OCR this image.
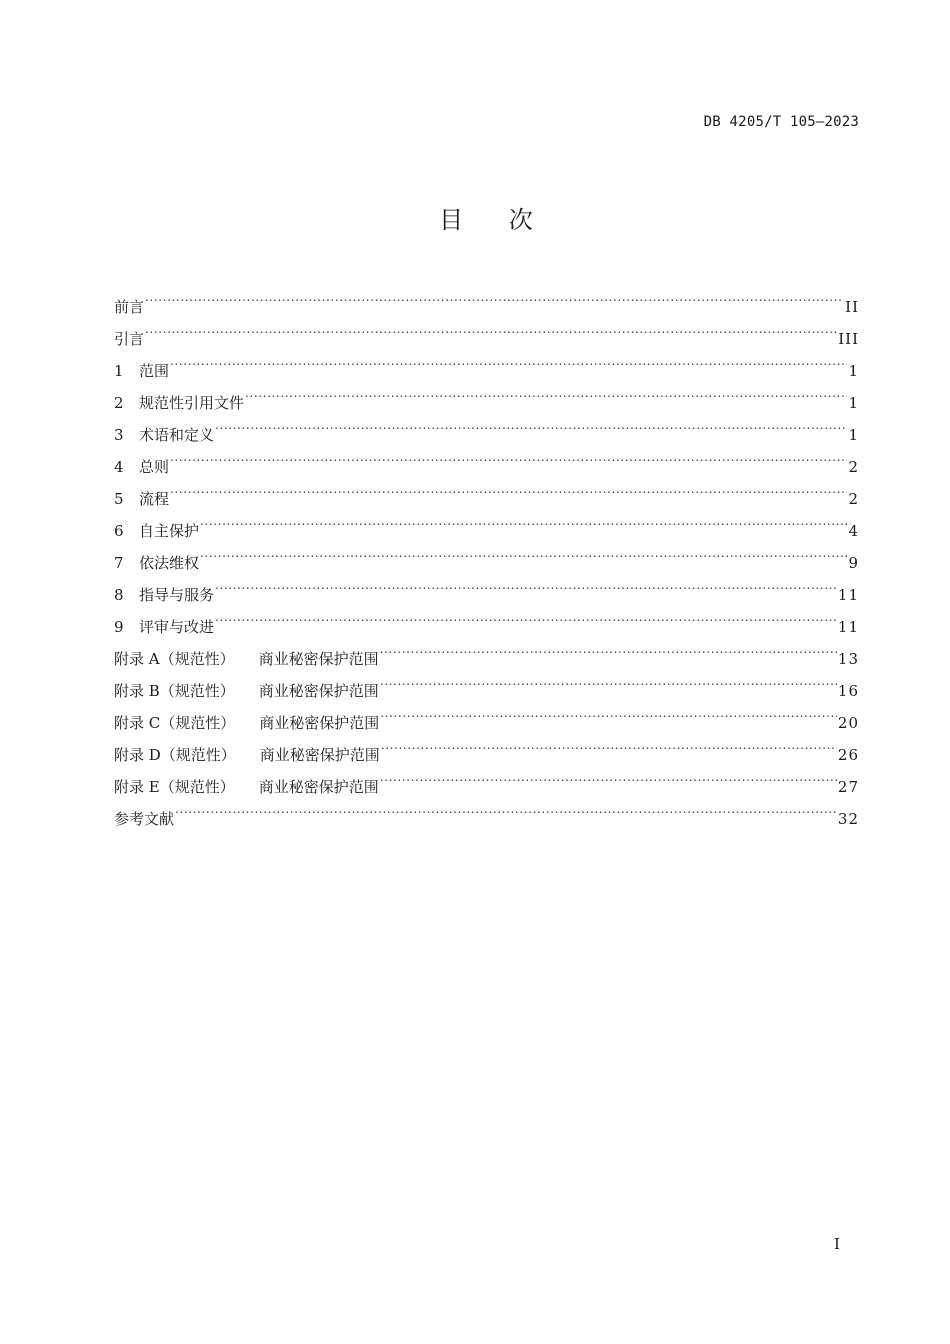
DB 4205/T 105—2023
目 次
前言 .....	II
引言 .....	III
1	范围 .....	1
2	规范性引用文件 .....	1
3	术语和定义 .....	1
4	总则 .....	2
5	流程 .....	2
6	自主保护 .....	4
7	依法维权 .....	9
8	指导与服务 .....	11
9	评审与改进 .....	11
附录 A（规范性） 商业秘密保护范围 .....	13
附录 B（规范性） 商业秘密保护范围 .....	16
附录 C（规范性） 商业秘密保护范围 .....	20
附录 D（规范性） 商业秘密保护范围 .....	26
附录 E（规范性） 商业秘密保护范围 .....	27
参考文献 .....	32
I
